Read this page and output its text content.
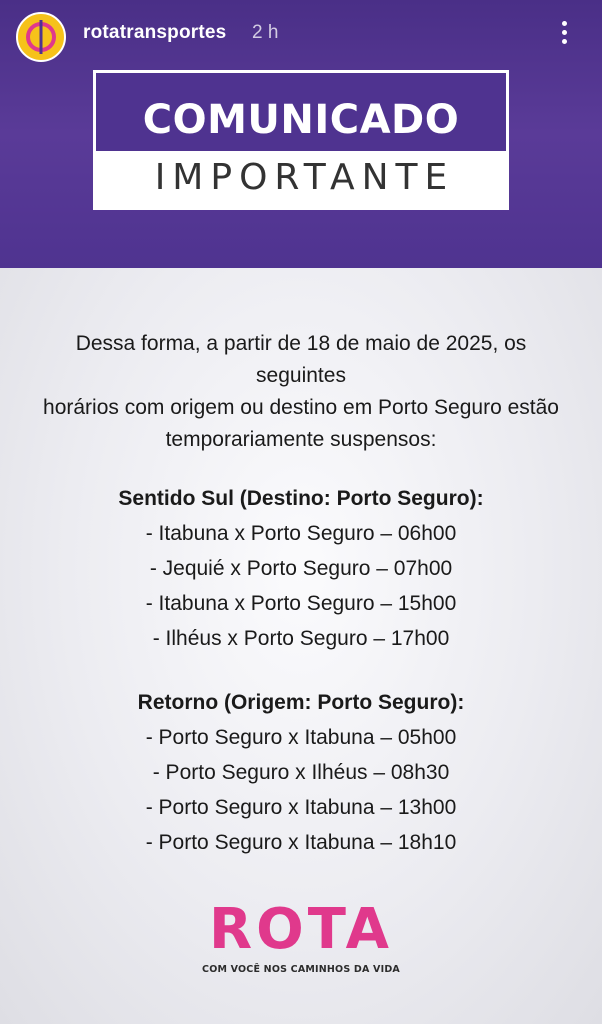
rotatransportes 2 h
COMUNICADO
IMPORTANTE
Dessa forma, a partir de 18 de maio de 2025, os seguintes
horários com origem ou destino em Porto Seguro estão
temporariamente suspensos:
Sentido Sul (Destino: Porto Seguro):
- Itabuna x Porto Seguro – 06h00
- Jequié x Porto Seguro – 07h00
- Itabuna x Porto Seguro – 15h00
- Ilhéus x Porto Seguro – 17h00
Retorno (Origem: Porto Seguro):
- Porto Seguro x Itabuna – 05h00
- Porto Seguro x Ilhéus – 08h30
- Porto Seguro x Itabuna – 13h00
- Porto Seguro x Itabuna – 18h10
ROTA
COM VOCÊ NOS CAMINHOS DA VIDA
